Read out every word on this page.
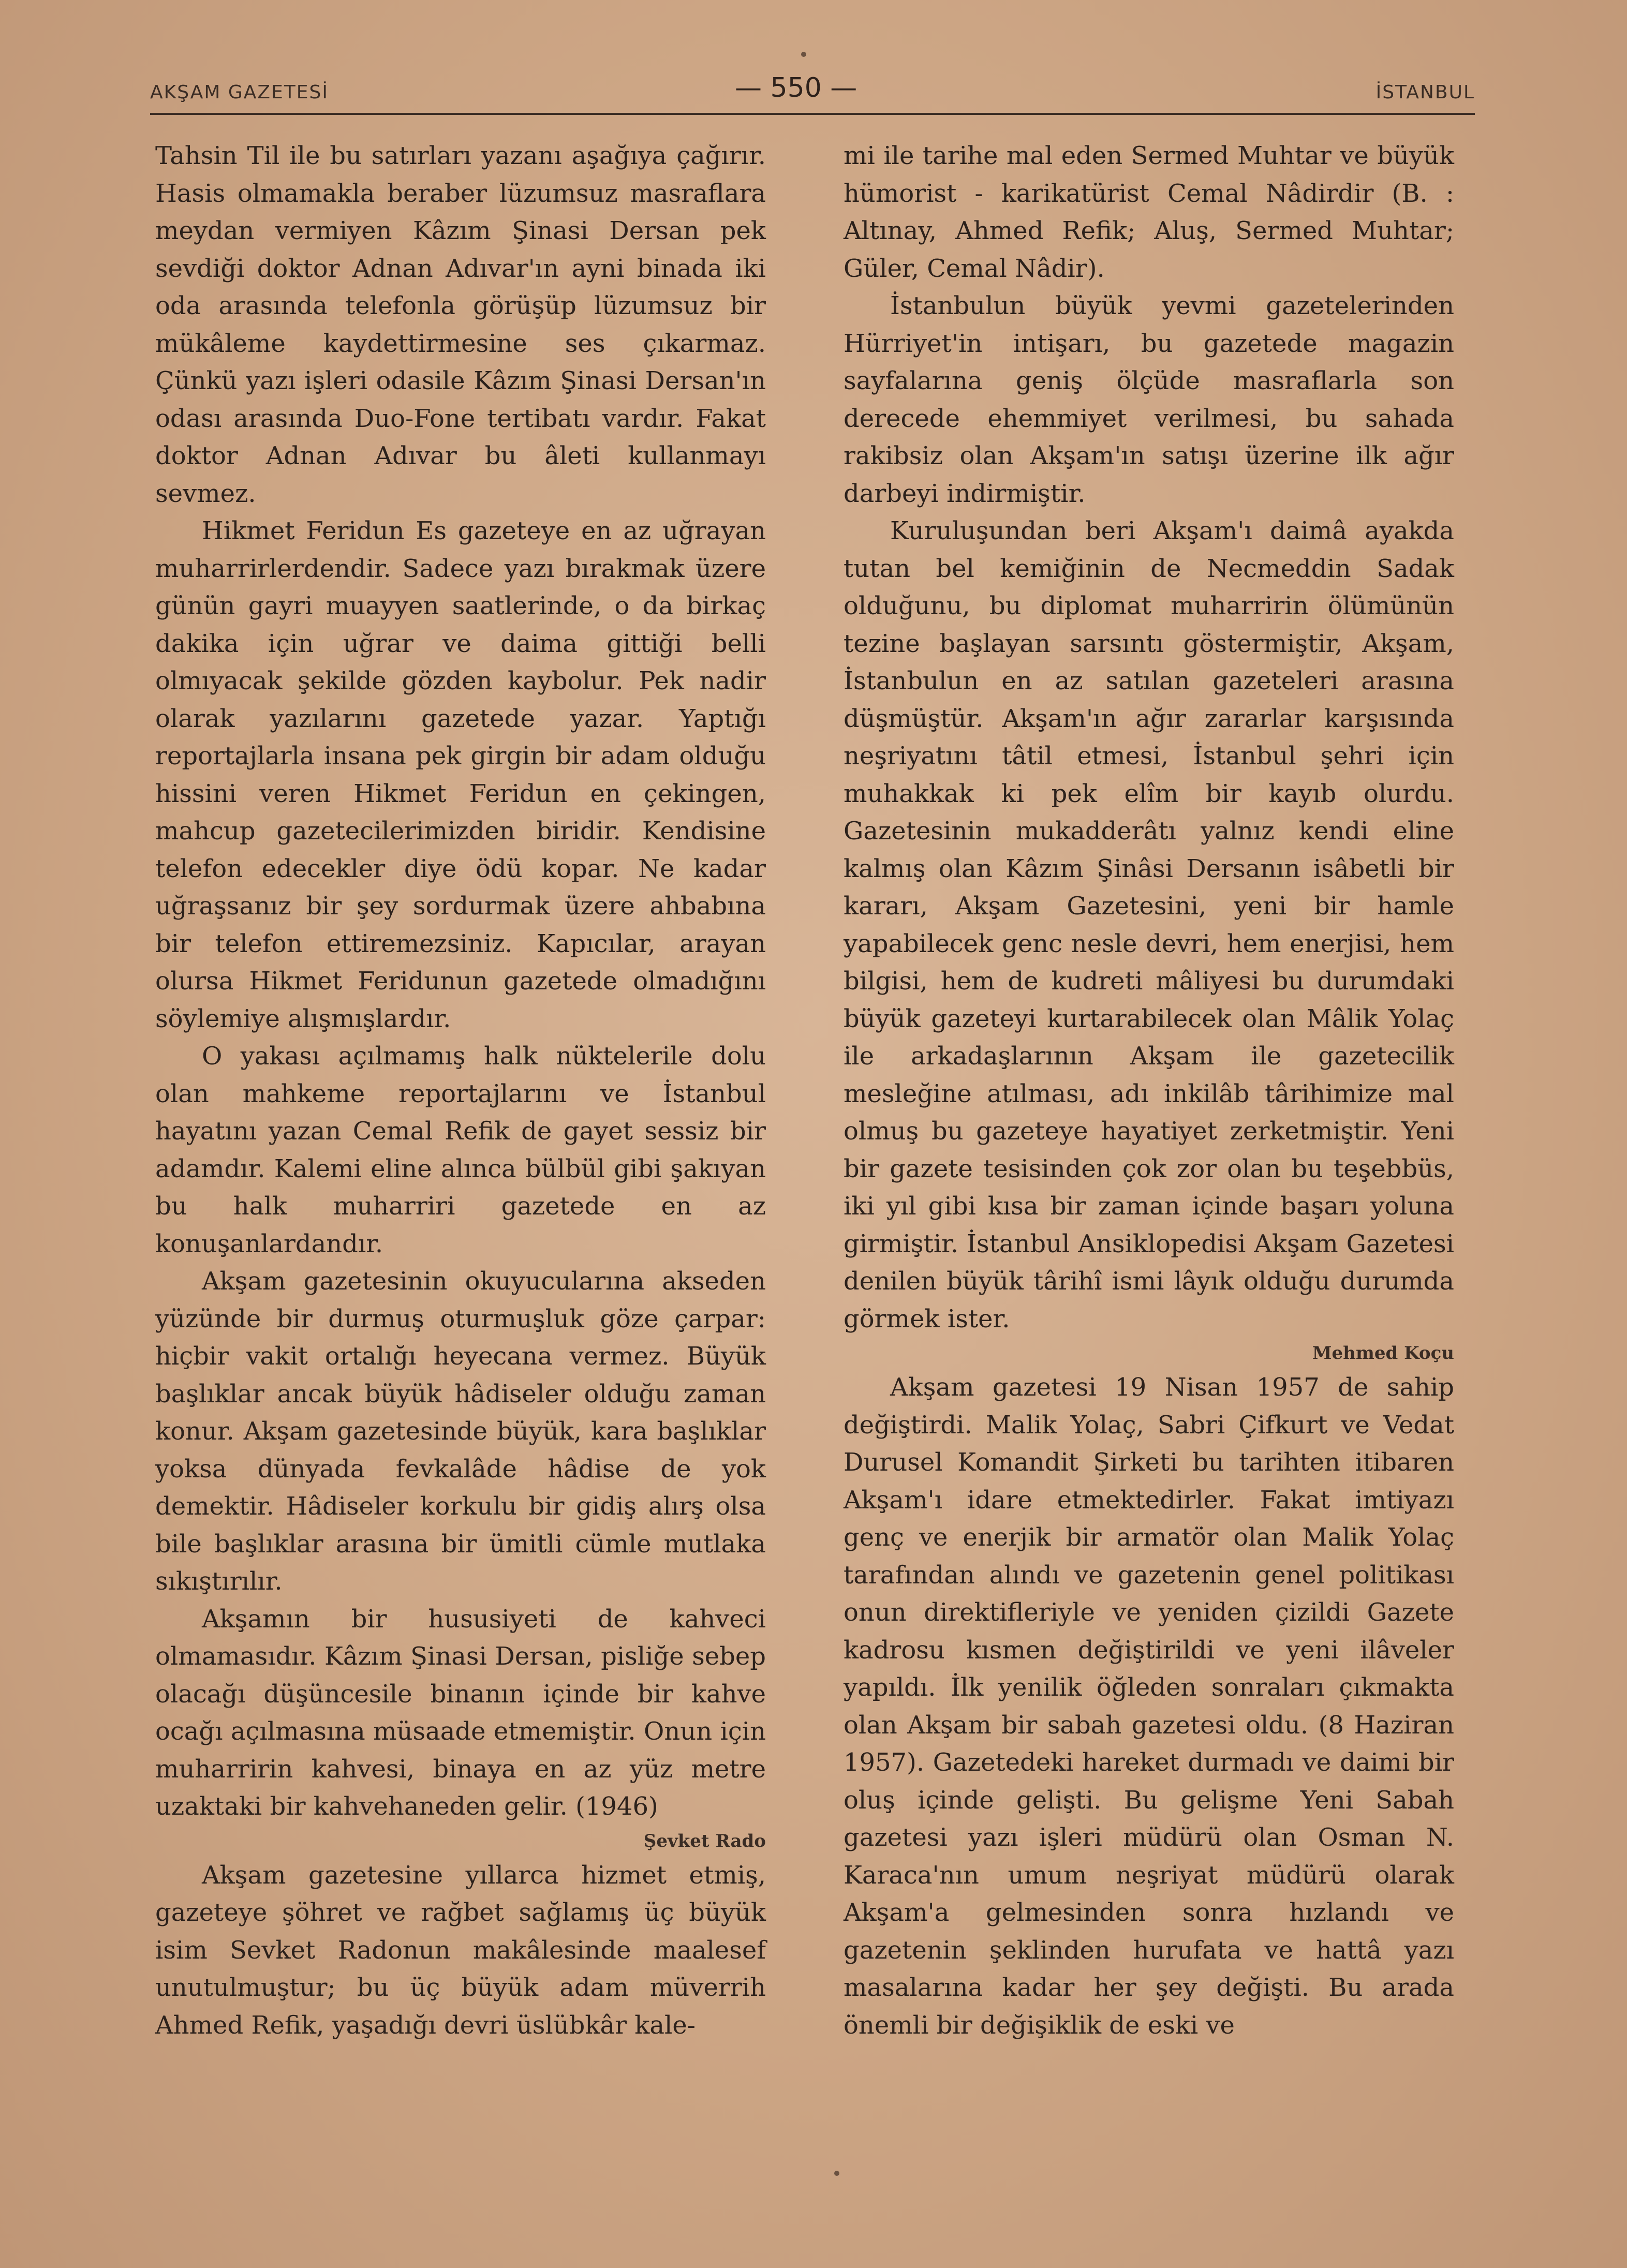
AKŞAM GAZETESİ	— 550 —	İSTANBUL

Tahsin Til ile bu satırları yazanı aşağıya çağırır. Hasis olmamakla beraber lüzumsuz masraflara meydan vermiyen Kâzım Şinasi Dersan pek sevdiği doktor Adnan Adıvar'ın ayni binada iki oda arasında telefonla görüşüp lüzumsuz bir mükâleme kaydettirmesine ses çıkarmaz. Çünkü yazı işleri odasile Kâzım Şinasi Dersan'ın odası arasında Duo-Fone tertibatı vardır. Fakat doktor Adnan Adıvar bu âleti kullanmayı sevmez.

Hikmet Feridun Es gazeteye en az uğrayan muharrirlerdendir. Sadece yazı bırakmak üzere günün gayri muayyen saatlerinde, o da birkaç dakika için uğrar ve daima gittiği belli olmıyacak şekilde gözden kaybolur. Pek nadir olarak yazılarını gazetede yazar. Yaptığı reportajlarla insana pek girgin bir adam olduğu hissini veren Hikmet Feridun en çekingen, mahcup gazetecilerimizden biridir. Kendisine telefon edecekler diye ödü kopar. Ne kadar uğraşsanız bir şey sordurmak üzere ahbabına bir telefon ettiremezsiniz. Kapıcılar, arayan olursa Hikmet Feridunun gazetede olmadığını söylemiye alışmışlardır.

O yakası açılmamış halk nüktelerile dolu olan mahkeme reportajlarını ve İstanbul hayatını yazan Cemal Refik de gayet sessiz bir adamdır. Kalemi eline alınca bülbül gibi şakıyan bu halk muharriri gazetede en az konuşanlardandır.

Akşam gazetesinin okuyucularına akseden yüzünde bir durmuş oturmuşluk göze çarpar: hiçbir vakit ortalığı heyecana vermez. Büyük başlıklar ancak büyük hâdiseler olduğu zaman konur. Akşam gazetesinde büyük, kara başlıklar yoksa dünyada fevkalâde hâdise de yok demektir. Hâdiseler korkulu bir gidiş alırş olsa bile başlıklar arasına bir ümitli cümle mutlaka sıkıştırılır.

Akşamın bir hususiyeti de kahveci olmamasıdır. Kâzım Şinasi Dersan, pisliğe sebep olacağı düşüncesile binanın içinde bir kahve ocağı açılmasına müsaade etmemiştir. Onun için muharririn kahvesi, binaya en az yüz metre uzaktaki bir kahvehaneden gelir. (1946)

Şevket Rado

Akşam gazetesine yıllarca hizmet etmiş, gazeteye şöhret ve rağbet sağlamış üç büyük isim Sevket Radonun makâlesinde maalesef unutulmuştur; bu üç büyük adam müverrih Ahmed Refik, yaşadığı devri üslübkâr kale-

mi ile tarihe mal eden Sermed Muhtar ve büyük hümorist - karikatürist Cemal Nâdirdir (B. : Altınay, Ahmed Refik; Aluş, Sermed Muhtar; Güler, Cemal Nâdir).

İstanbulun büyük yevmi gazetelerinden Hürriyet'in intişarı, bu gazetede magazin sayfalarına geniş ölçüde masraflarla son derecede ehemmiyet verilmesi, bu sahada rakibsiz olan Akşam'ın satışı üzerine ilk ağır darbeyi indirmiştir.

Kuruluşundan beri Akşam'ı daimâ ayakda tutan bel kemiğinin de Necmeddin Sadak olduğunu, bu diplomat muharririn ölümünün tezine başlayan sarsıntı göstermiştir, Akşam, İstanbulun en az satılan gazeteleri arasına düşmüştür. Akşam'ın ağır zararlar karşısında neşriyatını tâtil etmesi, İstanbul şehri için muhakkak ki pek elîm bir kayıb olurdu. Gazetesinin mukadderâtı yalnız kendi eline kalmış olan Kâzım Şinâsi Dersanın isâbetli bir kararı, Akşam Gazetesini, yeni bir hamle yapabilecek genc nesle devri, hem enerjisi, hem bilgisi, hem de kudreti mâliyesi bu durumdaki büyük gazeteyi kurtarabilecek olan Mâlik Yolaç ile arkadaşlarının Akşam ile gazetecilik mesleğine atılması, adı inkilâb târihimize mal olmuş bu gazeteye hayatiyet zerketmiştir. Yeni bir gazete tesisinden çok zor olan bu teşebbüs, iki yıl gibi kısa bir zaman içinde başarı yoluna girmiştir. İstanbul Ansiklopedisi Akşam Gazetesi denilen büyük târihî ismi lâyık olduğu durumda görmek ister.

Mehmed Koçu

Akşam gazetesi 19 Nisan 1957 de sahip değiştirdi. Malik Yolaç, Sabri Çifkurt ve Vedat Durusel Komandit Şirketi bu tarihten itibaren Akşam'ı idare etmektedirler. Fakat imtiyazı genç ve enerjik bir armatör olan Malik Yolaç tarafından alındı ve gazetenin genel politikası onun direktifleriyle ve yeniden çizildi Gazete kadrosu kısmen değiştirildi ve yeni ilâveler yapıldı. İlk yenilik öğleden sonraları çıkmakta olan Akşam bir sabah gazetesi oldu. (8 Haziran 1957). Gazetedeki hareket durmadı ve daimi bir oluş içinde gelişti. Bu gelişme Yeni Sabah gazetesi yazı işleri müdürü olan Osman N. Karaca'nın umum neşriyat müdürü olarak Akşam'a gelmesinden sonra hızlandı ve gazetenin şeklinden hurufata ve hattâ yazı masalarına kadar her şey değişti. Bu arada önemli bir değişiklik de eski ve
